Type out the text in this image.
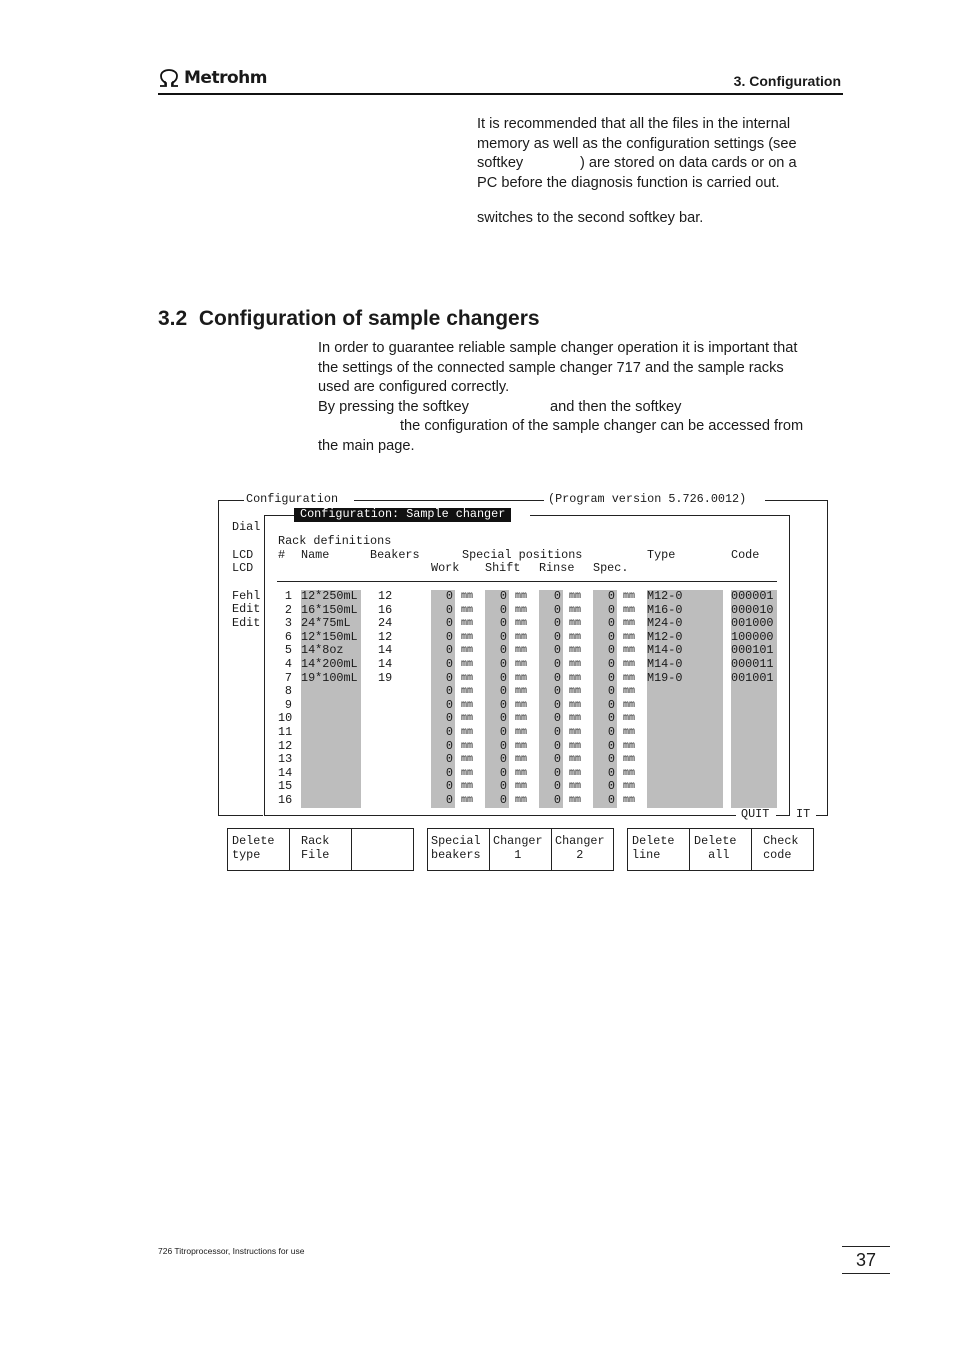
Metrohm	3. Configuration
It is recommended that all the files in the internal
memory as well as the configuration settings (see
softkey              ) are stored on data cards or on a
PC before the diagnosis function is carried out.
switches to the second softkey bar.
3.2  Configuration of sample changers
In order to guarantee reliable sample changer operation it is important that
the settings of the connected sample changer 717 and the sample racks
used are configured correctly.
By pressing the softkey                    and then the softkey
the configuration of the sample changer can be accessed from
the main page.
Configuration	(Program version 5.726.0012)
Configuration: Sample changer
Dial
LCD
LCD
Fehl
Edit
Edit
Rack definitions
# Name	Beakers	Special positions	Type	Code
Work Shift Rinse Spec.
1 12*250mL 12	0 mm	0 mm	0 mm	0 mm M12-0	000001
2 16*150mL 16	0 mm	0 mm	0 mm	0 mm M16-0	000010
3 24*75mL 24	0 mm	0 mm	0 mm	0 mm M24-0	001000
6 12*150mL 12	0 mm	0 mm	0 mm	0 mm M12-0	100000
5 14*8oz	14	0 mm	0 mm	0 mm	0 mm M14-0	000101
4 14*200mL 14	0 mm	0 mm	0 mm	0 mm M14-0	000011
7 19*100mL 19	0 mm	0 mm	0 mm	0 mm M19-0	001001
8	0 mm	0 mm	0 mm	0 mm
9	0 mm	0 mm	0 mm	0 mm
10	0 mm	0 mm	0 mm	0 mm
11	0 mm	0 mm	0 mm	0 mm
12	0 mm	0 mm	0 mm	0 mm
13	0 mm	0 mm	0 mm	0 mm
14	0 mm	0 mm	0 mm	0 mm
15	0 mm	0 mm	0 mm	0 mm
16	0 mm	0 mm	0 mm	0 mm
QUIT IT
Delete
type
Rack
File
Special
beakers
Changer
1
Changer
2
Delete
line
Delete
all
Check
code
726 Titroprocessor, Instructions for use	37
